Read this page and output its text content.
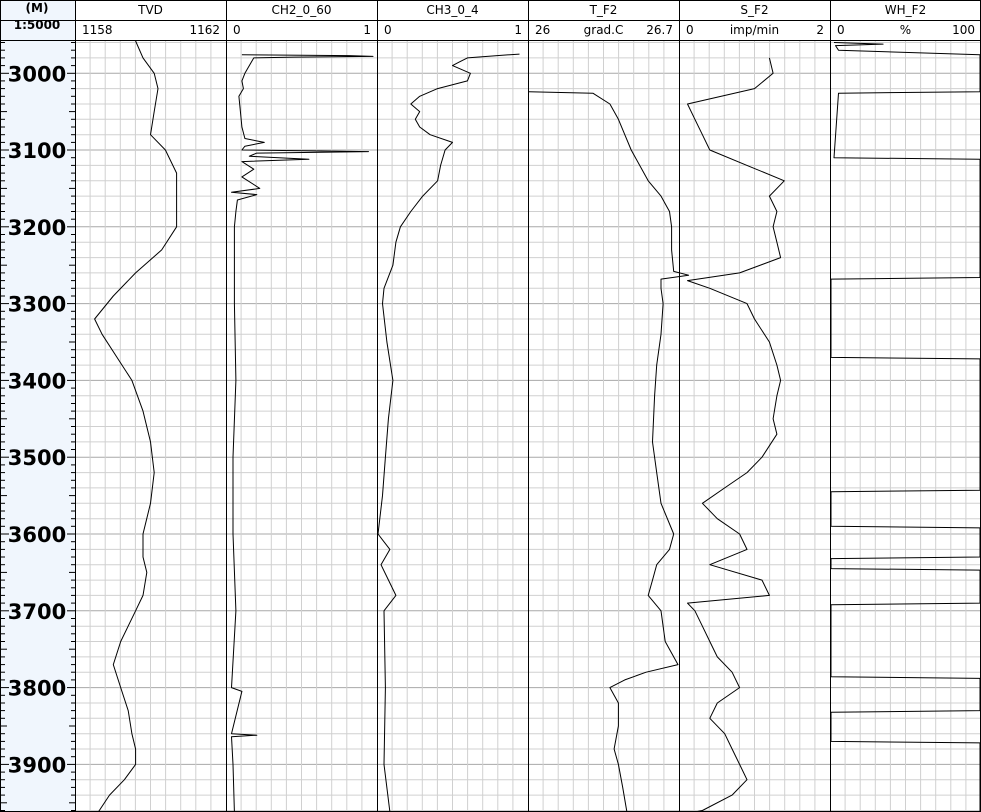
(M)
1:5000
TVD
1158	1162
CH2_0_60
0	1
CH3_0_4
0	1
T_F2
26	26.7
grad.C
S_F2
0	2
imp/min
WH_F2
0	100
%
3000
3100
3200
3300
3400
3500
3600
3700
3800
3900
